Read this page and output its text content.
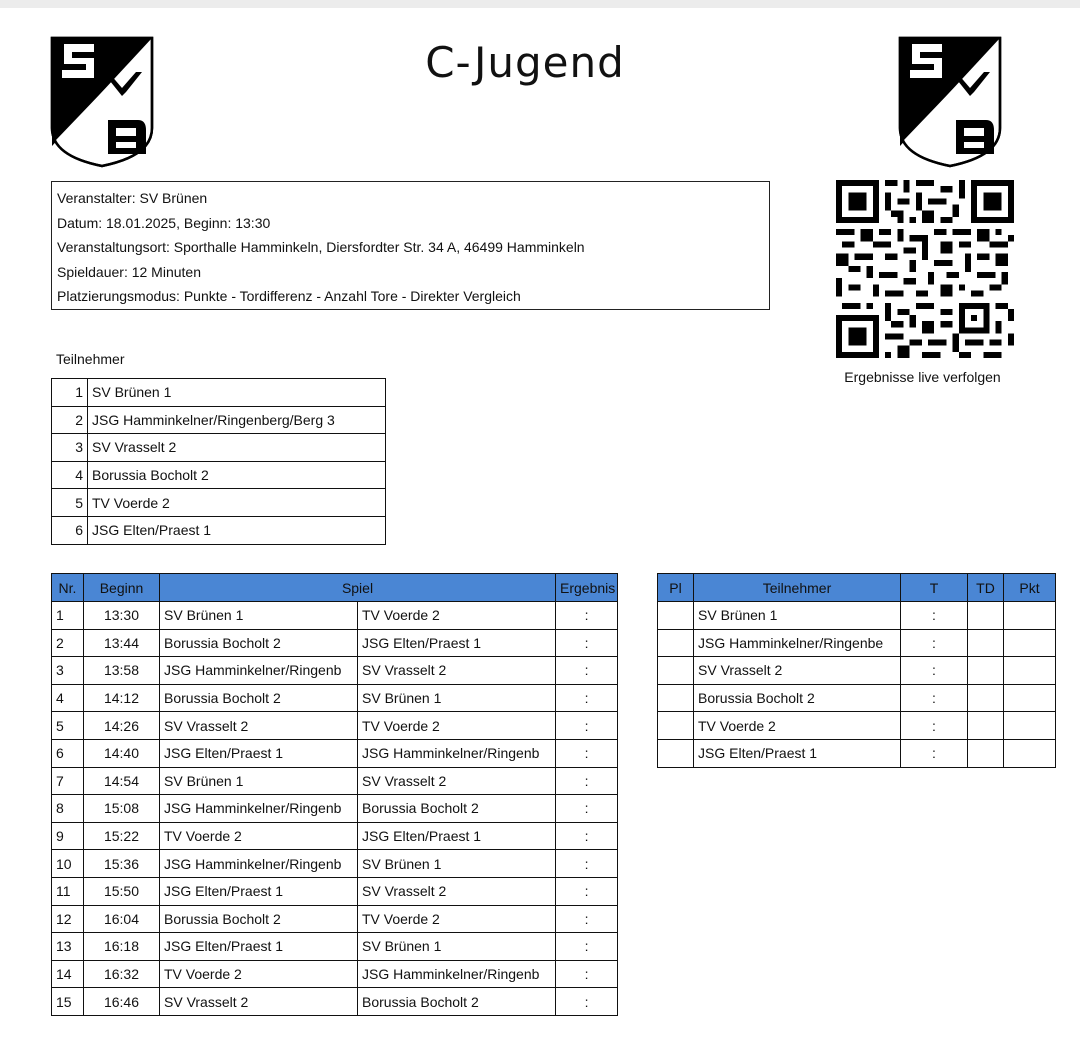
C-Jugend
Veranstalter: SV Brünen
Datum: 18.01.2025, Beginn: 13:30
Veranstaltungsort: Sporthalle Hamminkeln, Diersfordter Str. 34 A, 46499 Hamminkeln
Spieldauer: 12 Minuten
Platzierungsmodus: Punkte - Tordifferenz - Anzahl Tore - Direkter Vergleich
Ergebnisse live verfolgen
Teilnehmer
1	SV Brünen 1
2	JSG Hamminkelner/Ringenberg/Berg 3
3	SV Vrasselt 2
4	Borussia Bocholt 2
5	TV Voerde 2
6	JSG Elten/Praest 1
Nr.	Beginn	Spiel		Ergebnis
1	13:30	SV Brünen 1	TV Voerde 2	:
2	13:44	Borussia Bocholt 2	JSG Elten/Praest 1	:
3	13:58	JSG Hamminkelner/Ringenb	SV Vrasselt 2	:
4	14:12	Borussia Bocholt 2	SV Brünen 1	:
5	14:26	SV Vrasselt 2	TV Voerde 2	:
6	14:40	JSG Elten/Praest 1	JSG Hamminkelner/Ringenb	:
7	14:54	SV Brünen 1	SV Vrasselt 2	:
8	15:08	JSG Hamminkelner/Ringenb	Borussia Bocholt 2	:
9	15:22	TV Voerde 2	JSG Elten/Praest 1	:
10	15:36	JSG Hamminkelner/Ringenb	SV Brünen 1	:
11	15:50	JSG Elten/Praest 1	SV Vrasselt 2	:
12	16:04	Borussia Bocholt 2	TV Voerde 2	:
13	16:18	JSG Elten/Praest 1	SV Brünen 1	:
14	16:32	TV Voerde 2	JSG Hamminkelner/Ringenb	:
15	16:46	SV Vrasselt 2	Borussia Bocholt 2	:
Pl	Teilnehmer	T	TD	Pkt
	SV Brünen 1	:		
	JSG Hamminkelner/Ringenbe	:		
	SV Vrasselt 2	:		
	Borussia Bocholt 2	:		
	TV Voerde 2	:		
	JSG Elten/Praest 1	:		
